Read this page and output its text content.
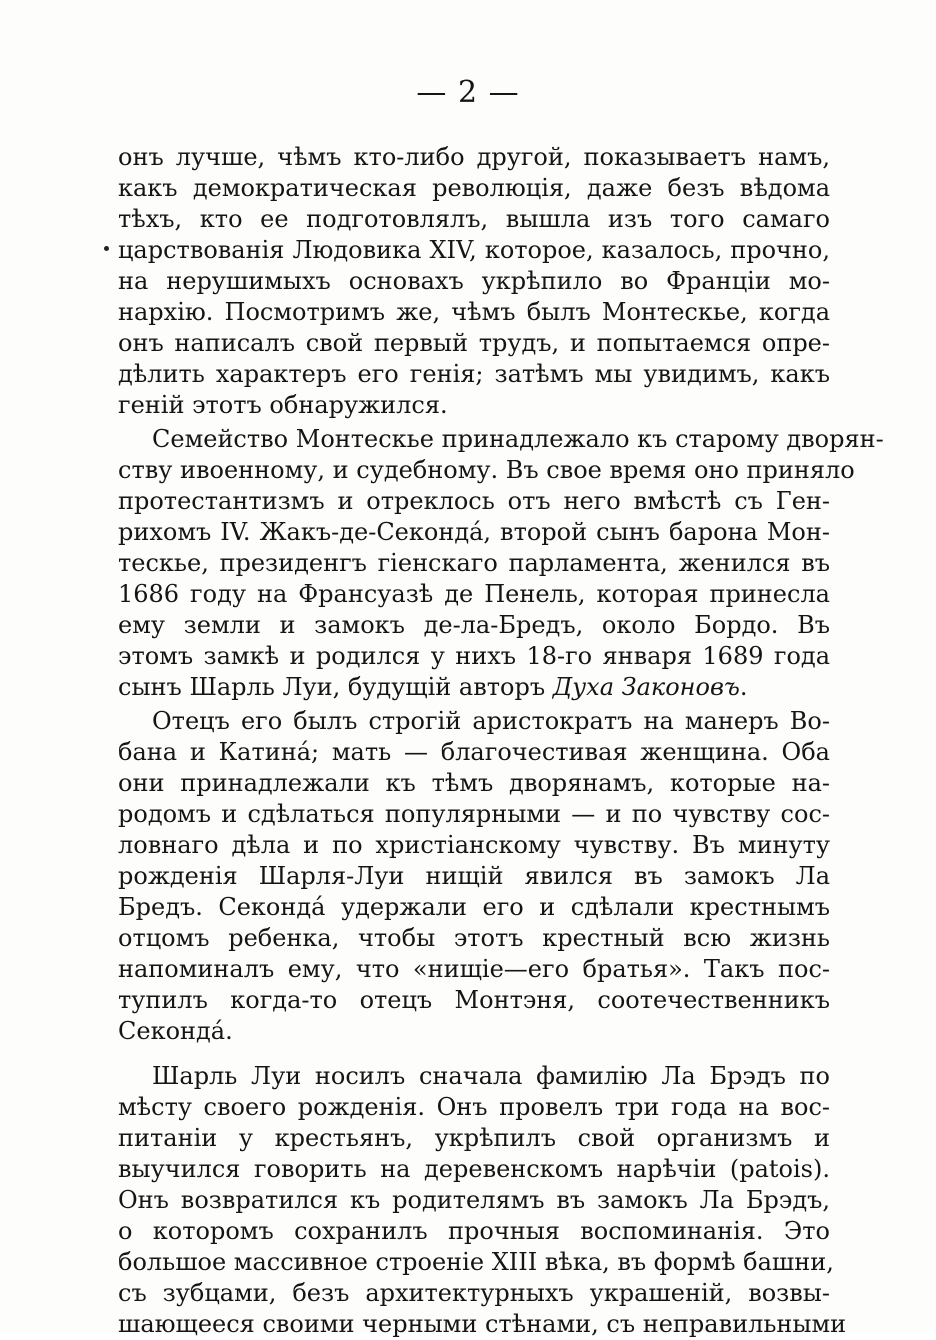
— 2 —
онъ лучше, чѣмъ кто-либо другой, показываетъ намъ,
какъ демократическая революція, даже безъ вѣдома
тѣхъ, кто ее подготовлялъ, вышла изъ того самаго
царствованія Людовика XIV, которое, казалось, прочно,
на нерушимыхъ основахъ укрѣпило во Франціи мо-
нархію. Посмотримъ же, чѣмъ былъ Монтескье, когда
онъ написалъ свой первый трудъ, и попытаемся опре-
дѣлить характеръ его генія; затѣмъ мы увидимъ, какъ
геній этотъ обнаружился.
Семейство Монтескье принадлежало къ старому дворян-
ству ивоенному, и судебному. Въ свое время оно приняло
протестантизмъ и отреклось отъ него вмѣстѣ съ Ген-
рихомъ IV. Жакъ-де-Секонда́, второй сынъ барона Мон-
тескье, президенгъ гіенскаго парламента, женился въ
1686 году на Франсуазѣ де Пенель, которая принесла
ему земли и замокъ де-ла-Бредъ, около Бордо. Въ
этомъ замкѣ и родился у нихъ 18-го января 1689 года
сынъ Шарль Луи, будущій авторъ Духа Законовъ.
Отецъ его былъ строгій аристократъ на манеръ Во-
бана и Катина́; мать — благочестивая женщина. Оба
они принадлежали къ тѣмъ дворянамъ, которые на-
родомъ и сдѣлаться популярными — и по чувству сос-
ловнаго дѣла и по христіанскому чувству. Въ минуту
рожденія Шарля-Луи нищій явился въ замокъ Ла
Бредъ. Секонда́ удержали его и сдѣлали крестнымъ
отцомъ ребенка, чтобы этотъ крестный всю жизнь
напоминалъ ему, что «нищіе—его братья». Такъ пос-
тупилъ когда-то отецъ Монтэня, соотечественникъ
Секонда́.
Шарль Луи носилъ сначала фамилію Ла Брэдъ по
мѣсту своего рожденія. Онъ провелъ три года на вос-
питаніи у крестьянъ, укрѣпилъ свой организмъ и
выучился говорить на деревенскомъ нарѣчіи (patois).
Онъ возвратился къ родителямъ въ замокъ Ла Брэдъ,
о которомъ сохранилъ прочныя воспоминанія. Это
большое массивное строеніе XIII вѣка, въ формѣ башни,
съ зубцами, безъ архитектурныхъ украшеній, возвы-
шающееся своими черными стѣнами, съ неправильными
